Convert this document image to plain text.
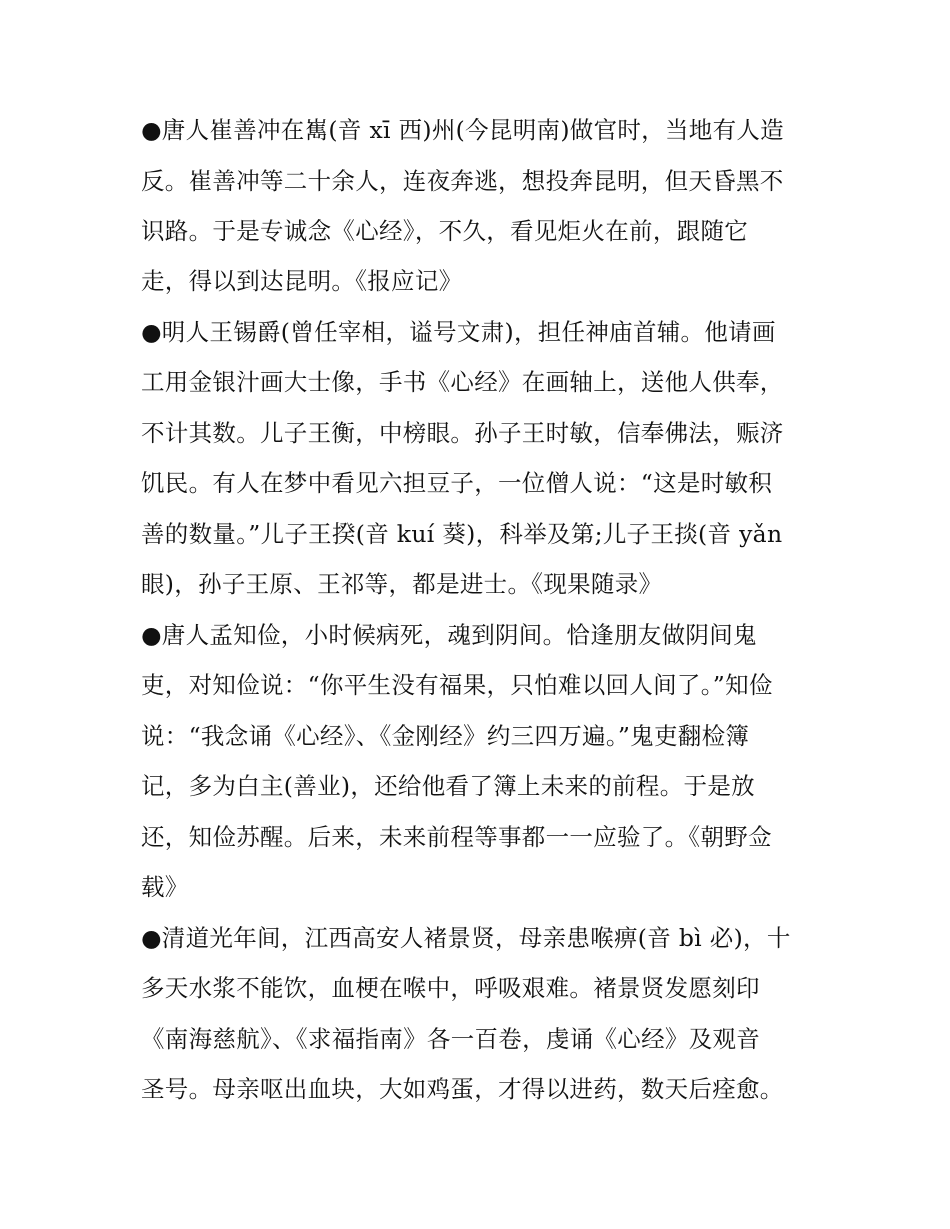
●唐人崔善冲在嶲(音 xī 西)州(今昆明南)做官时，当地有人造
反。崔善冲等二十余人，连夜奔逃，想投奔昆明，但天昏黑不
识路。于是专诚念《心经》，不久，看见炬火在前，跟随它
走，得以到达昆明。《报应记》
●明人王锡爵(曾任宰相，谥号文肃)，担任神庙首辅。他请画
工用金银汁画大士像，手书《心经》在画轴上，送他人供奉，
不计其数。儿子王衡，中榜眼。孙子王时敏，信奉佛法，赈济
饥民。有人在梦中看见六担豆子，一位僧人说：“这是时敏积
善的数量。”儿子王揆(音 kuí 葵)，科举及第;儿子王掞(音 yǎn
眼)，孙子王原、王祁等，都是进士。《现果随录》
●唐人孟知俭，小时候病死，魂到阴间。恰逢朋友做阴间鬼
吏，对知俭说：“你平生没有福果，只怕难以回人间了。”知俭
说：“我念诵《心经》、《金刚经》约三四万遍。”鬼吏翻检簿
记，多为白主(善业)，还给他看了簿上未来的前程。于是放
还，知俭苏醒。后来，未来前程等事都一一应验了。《朝野佥
载》
●清道光年间，江西高安人褚景贤，母亲患喉痹(音 bì 必)，十
多天水浆不能饮，血梗在喉中，呼吸艰难。褚景贤发愿刻印
《南海慈航》、《求福指南》各一百卷，虔诵《心经》及观音
圣号。母亲呕出血块，大如鸡蛋，才得以进药，数天后痊愈。
